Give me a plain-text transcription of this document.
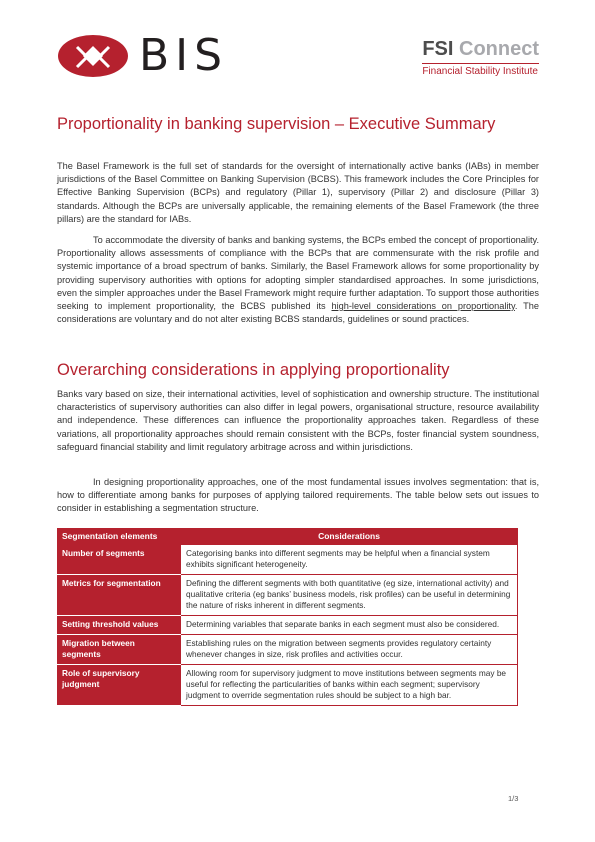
BIS	FSI Connect
Financial Stability Institute
Proportionality in banking supervision – Executive Summary

The Basel Framework is the full set of standards for the oversight of internationally active banks (IABs) in member jurisdictions of the Basel Committee on Banking Supervision (BCBS). This framework includes the Core Principles for Effective Banking Supervision (BCPs) and regulatory (Pillar 1), supervisory (Pillar 2) and disclosure (Pillar 3) standards. Although the BCPs are universally applicable, the remaining elements of the Basel Framework (the three pillars) are the standard for IABs.

To accommodate the diversity of banks and banking systems, the BCPs embed the concept of proportionality. Proportionality allows assessments of compliance with the BCPs that are commensurate with the risk profile and systemic importance of a broad spectrum of banks. Similarly, the Basel Framework allows for some proportionality by providing supervisory authorities with options for adopting simpler standardised approaches. In some jurisdictions, even the simpler approaches under the Basel Framework might require further adaptation. To support those authorities seeking to implement proportionality, the BCBS published its high-level considerations on proportionality. The considerations are voluntary and do not alter existing BCBS standards, guidelines or sound practices.

Overarching considerations in applying proportionality

Banks vary based on size, their international activities, level of sophistication and ownership structure. The institutional characteristics of supervisory authorities can also differ in legal powers, organisational structure, resource availability and independence. These differences can influence the proportionality approaches taken. Regardless of these variations, all proportionality approaches should remain consistent with the BCPs, foster financial system soundness, safeguard financial stability and limit regulatory arbitrage across and within jurisdictions.

In designing proportionality approaches, one of the most fundamental issues involves segmentation: that is, how to differentiate among banks for purposes of applying tailored requirements. The table below sets out issues to consider in establishing a segmentation structure.

Segmentation elements	Considerations
Number of segments	Categorising banks into different segments may be helpful when a financial system exhibits significant heterogeneity.
Metrics for segmentation	Defining the different segments with both quantitative (eg size, international activity) and qualitative criteria (eg banks’ business models, risk profiles) can be useful in determining the nature of risks inherent in different segments.
Setting threshold values	Determining variables that separate banks in each segment must also be considered.
Migration between segments	Establishing rules on the migration between segments provides regulatory certainty whenever changes in size, risk profiles and activities occur.
Role of supervisory judgment	Allowing room for supervisory judgment to move institutions between segments may be useful for reflecting the particularities of banks within each segment; supervisory judgment to override segmentation rules should be subject to a high bar.
1/3
